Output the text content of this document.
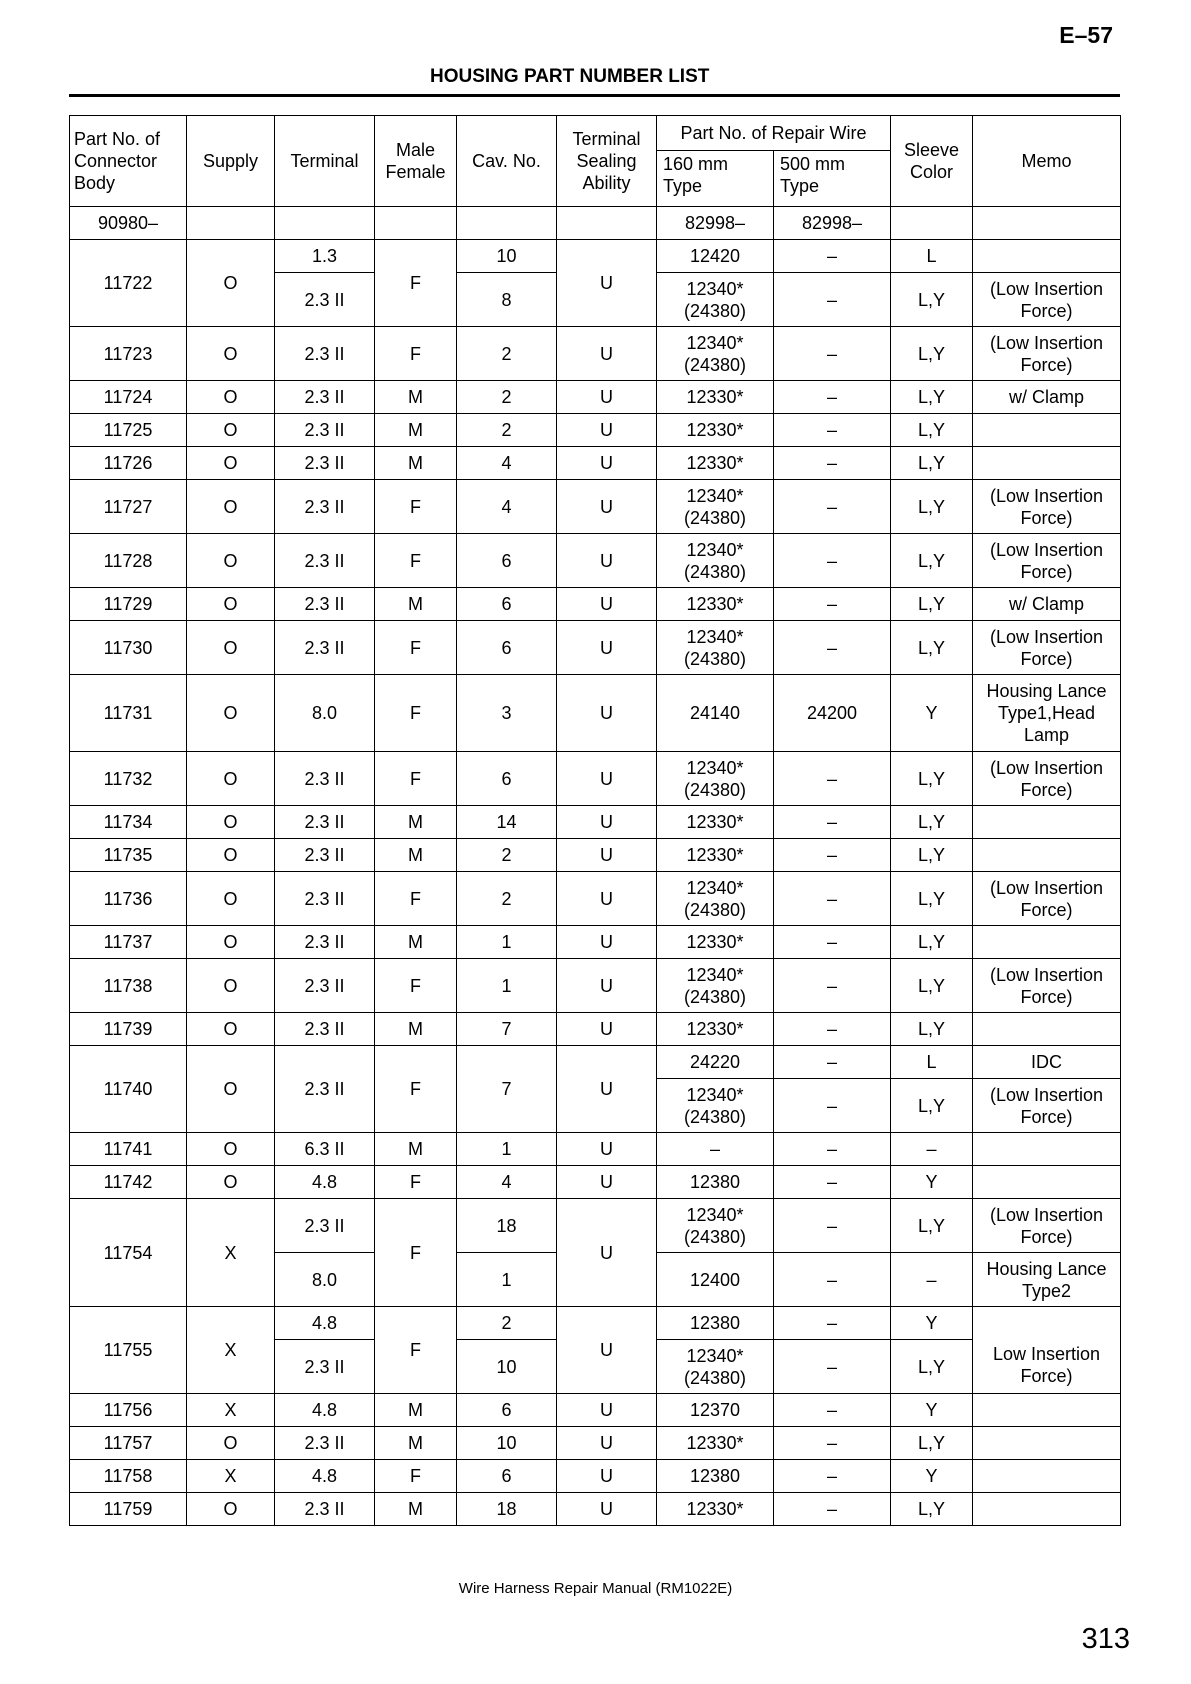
E–57
HOUSING PART NUMBER LIST
Part No. of Connector Body	Supply	Terminal	Male Female	Cav. No.	Terminal Sealing Ability	Part No. of Repair Wire		Sleeve Color	Memo
						160 mm Type	500 mm Type		
90980–						82998–	82998–		
11722	O	1.3	F	10	U	12420	–	L	
		2.3 II		8		12340* (24380)	–	L,Y	(Low Insertion Force)
11723	O	2.3 II	F	2	U	12340* (24380)	–	L,Y	(Low Insertion Force)
11724	O	2.3 II	M	2	U	12330*	–	L,Y	w/ Clamp
11725	O	2.3 II	M	2	U	12330*	–	L,Y	
11726	O	2.3 II	M	4	U	12330*	–	L,Y	
11727	O	2.3 II	F	4	U	12340* (24380)	–	L,Y	(Low Insertion Force)
11728	O	2.3 II	F	6	U	12340* (24380)	–	L,Y	(Low Insertion Force)
11729	O	2.3 II	M	6	U	12330*	–	L,Y	w/ Clamp
11730	O	2.3 II	F	6	U	12340* (24380)	–	L,Y	(Low Insertion Force)
11731	O	8.0	F	3	U	24140	24200	Y	Housing Lance Type1,Head Lamp
11732	O	2.3 II	F	6	U	12340* (24380)	–	L,Y	(Low Insertion Force)
11734	O	2.3 II	M	14	U	12330*	–	L,Y	
11735	O	2.3 II	M	2	U	12330*	–	L,Y	
11736	O	2.3 II	F	2	U	12340* (24380)	–	L,Y	(Low Insertion Force)
11737	O	2.3 II	M	1	U	12330*	–	L,Y	
11738	O	2.3 II	F	1	U	12340* (24380)	–	L,Y	(Low Insertion Force)
11739	O	2.3 II	M	7	U	12330*	–	L,Y	
11740	O	2.3 II	F	7	U	24220	–	L	IDC
						12340* (24380)	–	L,Y	(Low Insertion Force)
11741	O	6.3 II	M	1	U	–	–	–	
11742	O	4.8	F	4	U	12380	–	Y	
11754	X	2.3 II	F	18	U	12340* (24380)	–	L,Y	(Low Insertion Force)
		8.0		1		12400	–	–	Housing Lance Type2
11755	X	4.8	F	2	U	12380	–	Y	Low Insertion Force)
		2.3 II		10		12340* (24380)	–	L,Y	
11756	X	4.8	M	6	U	12370	–	Y	
11757	O	2.3 II	M	10	U	12330*	–	L,Y	
11758	X	4.8	F	6	U	12380	–	Y	
11759	O	2.3 II	M	18	U	12330*	–	L,Y	
Wire Harness Repair Manual (RM1022E)
313
